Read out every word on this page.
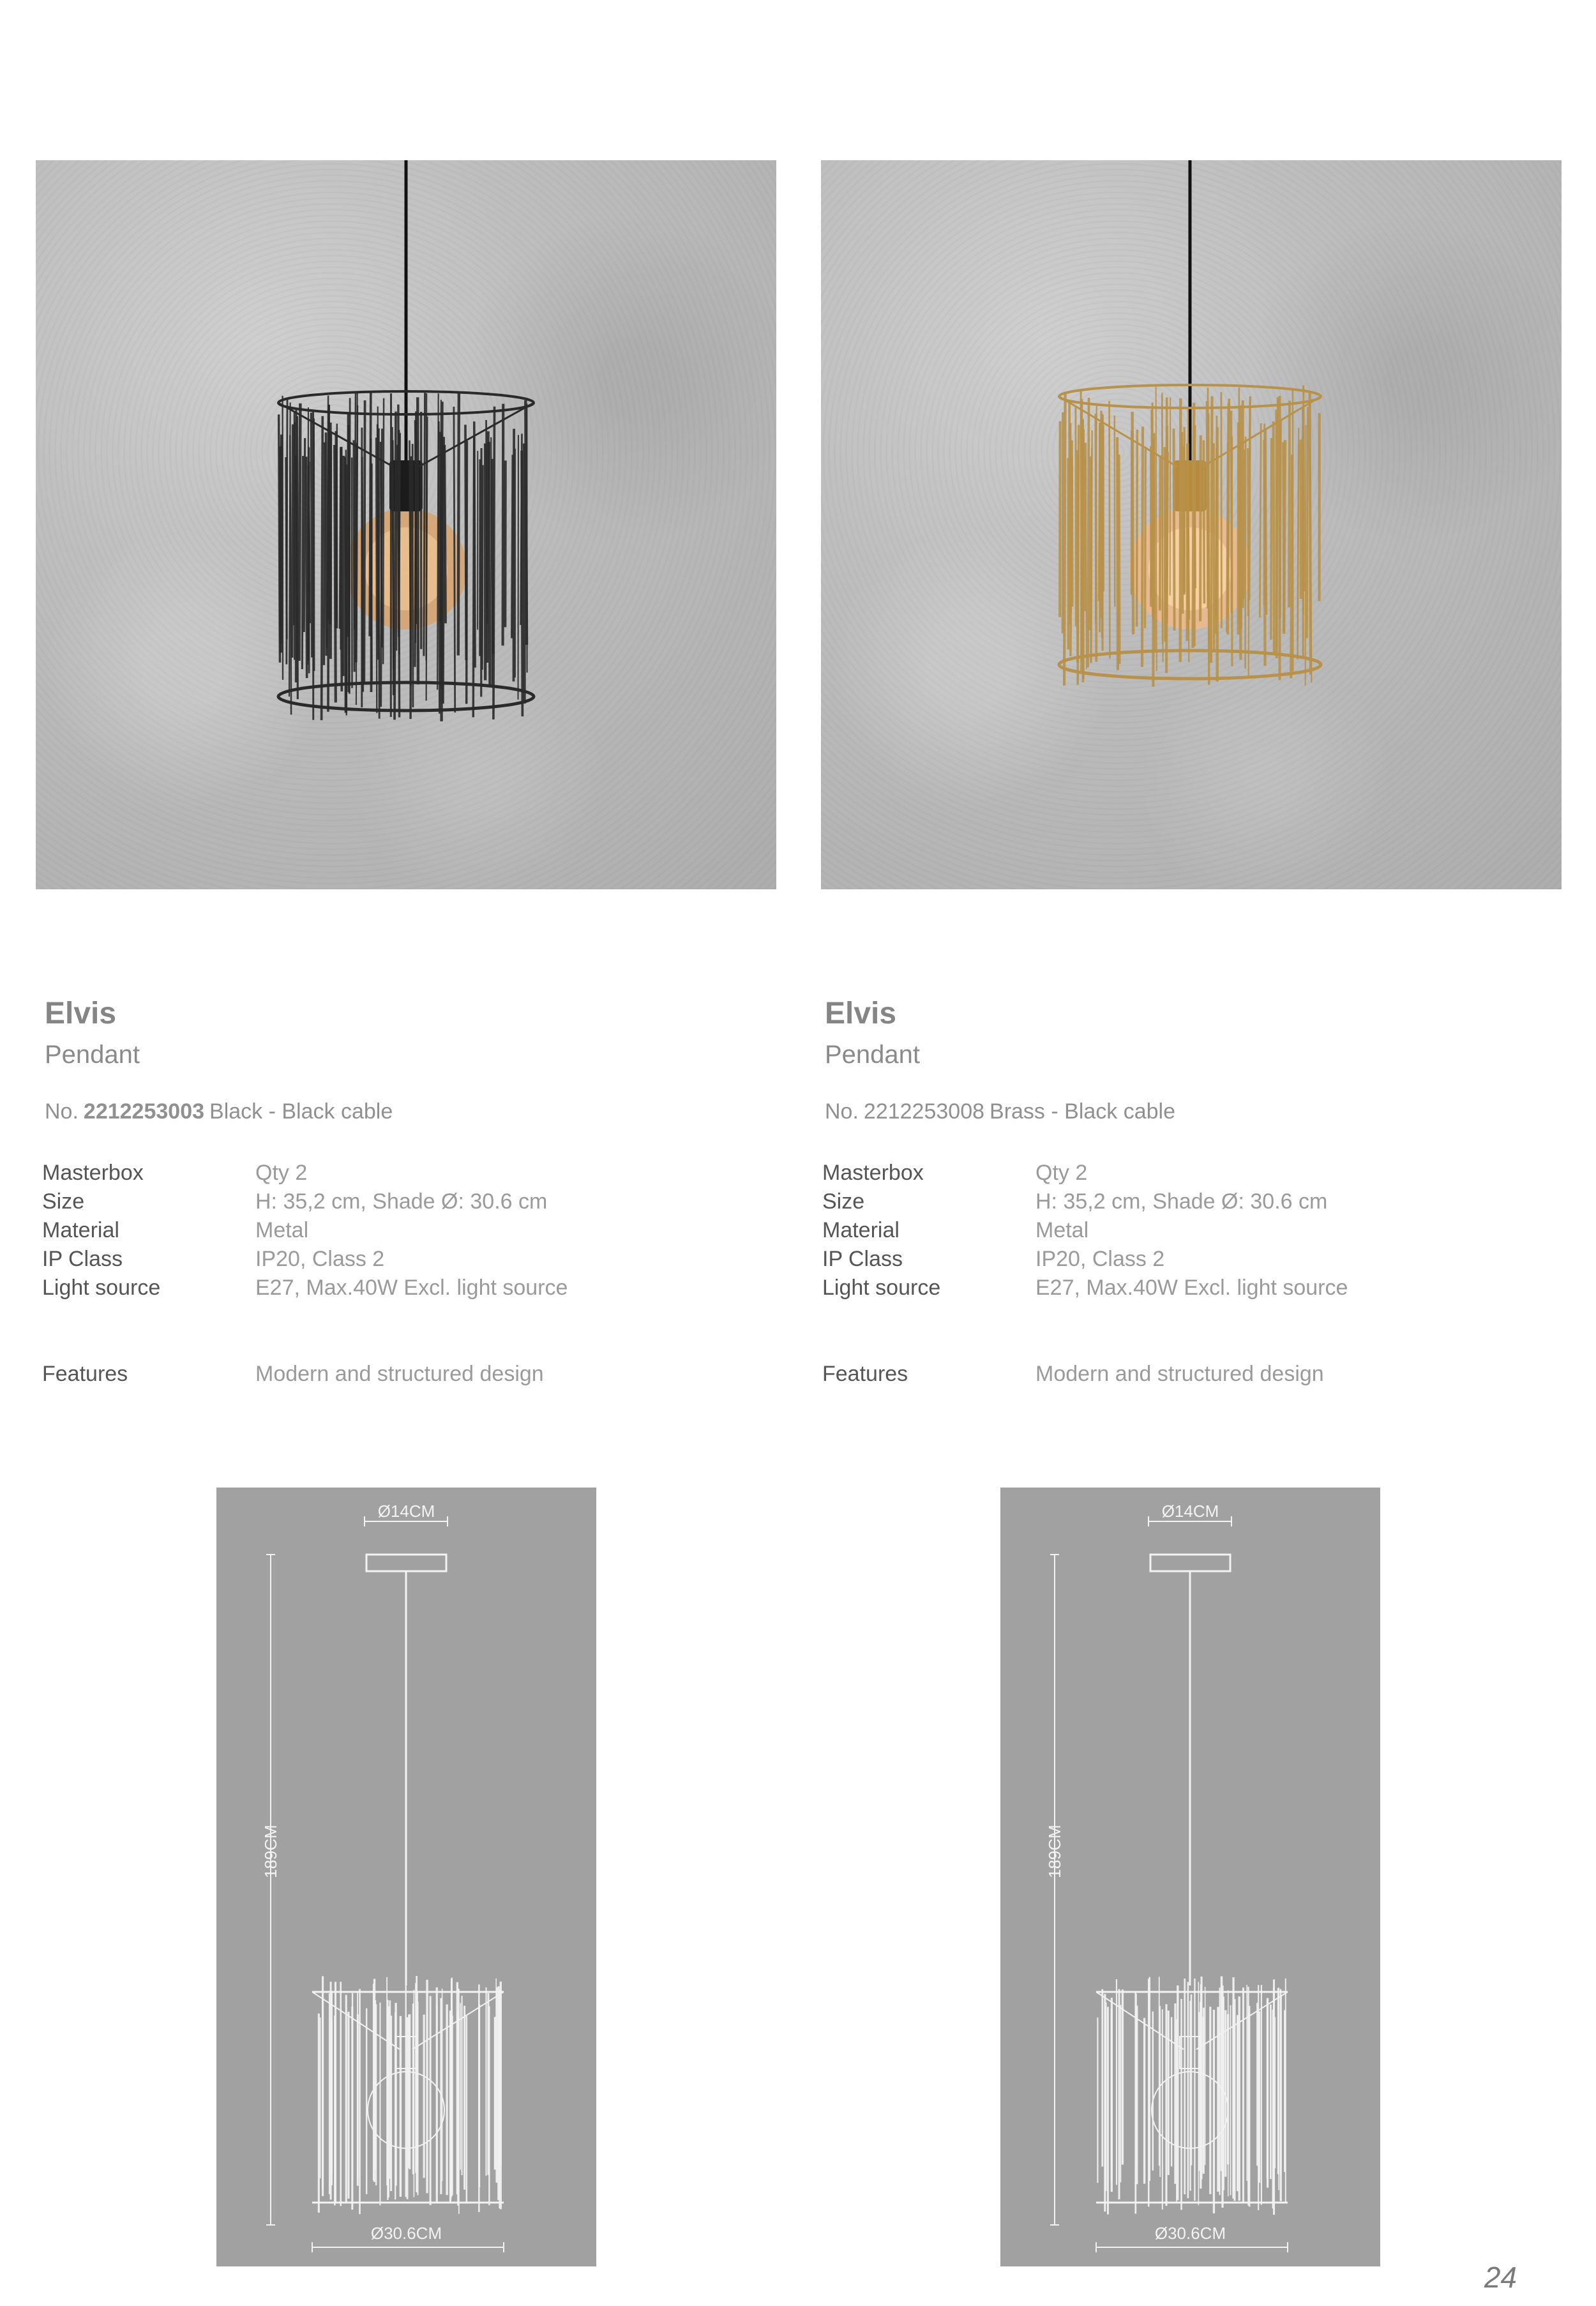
Elvis
Pendant
No. 2212253003 Black - Black cable
Masterbox	Qty 2
Size	H: 35,2 cm, Shade Ø: 30.6 cm
Material	Metal
IP Class	IP20, Class 2
Light source	E27, Max.40W Excl. light source
Features	Modern and structured design
Elvis
Pendant
No. 2212253008 Brass - Black cable
Masterbox	Qty 2
Size	H: 35,2 cm, Shade Ø: 30.6 cm
Material	Metal
IP Class	IP20, Class 2
Light source	E27, Max.40W Excl. light source
Features	Modern and structured design
Ø14CM
189CM
Ø30.6CM
Ø14CM
189CM
Ø30.6CM
24
